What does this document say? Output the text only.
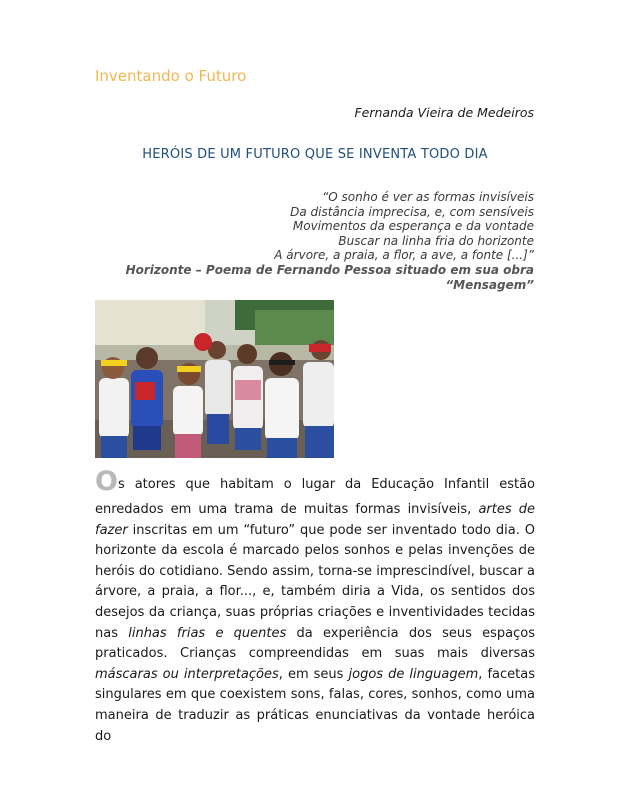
Inventando o Futuro
Fernanda Vieira de Medeiros
HERÓIS DE UM FUTURO QUE SE INVENTA TODO DIA
“O sonho é ver as formas invisíveis
Da distância imprecisa, e, com sensíveis
Movimentos da esperança e da vontade
Buscar na linha fria do horizonte
A árvore, a praia, a flor, a ave, a fonte [...]”
Horizonte – Poema de Fernando Pessoa situado em sua obra
“Mensagem”

Os atores que habitam o lugar da Educação Infantil estão

enredados em uma trama de muitas formas invisíveis, artes de
fazer inscritas em um “futuro” que pode ser inventado todo dia. O
horizonte da escola é marcado pelos sonhos e pelas invenções de
heróis do cotidiano. Sendo assim, torna-se imprescindível, buscar a
árvore, a praia, a flor..., e, também diria a Vida, os sentidos dos
desejos da criança, suas próprias criações e inventividades tecidas
nas linhas frias e quentes da experiência dos seus espaços
praticados. Crianças compreendidas em suas mais diversas
máscaras ou interpretações, em seus jogos de linguagem, facetas
singulares em que coexistem sons, falas, cores, sonhos, como uma
maneira de traduzir as práticas enunciativas da vontade heróica do
